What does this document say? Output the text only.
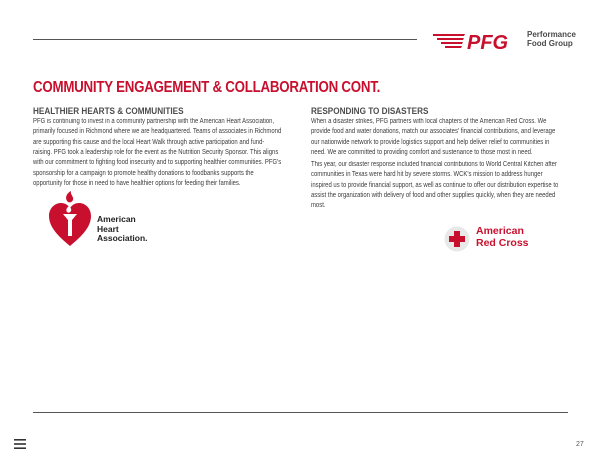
PFG Performance
Food Group
COMMUNITY ENGAGEMENT & COLLABORATION CONT.
HEALTHIER HEARTS & COMMUNITIES

PFG is continuing to invest in a community partnership with the American Heart Association, primarily focused in Richmond where we are headquartered. Teams of associates in Richmond are supporting this cause and the local Heart Walk through active participation and fund-raising. PFG took a leadership role for the event as the Nutrition Security Sponsor. This aligns with our commitment to fighting food insecurity and to supporting healthier communities. PFG's sponsorship for a campaign to promote healthy donations to foodbanks supports the opportunity for those in need to have healthier options for feeding their families.

RESPONDING TO DISASTERS

When a disaster strikes, PFG partners with local chapters of the American Red Cross. We provide food and water donations, match our associates' financial contributions, and leverage our nationwide network to provide logistics support and help deliver relief to communities in need. We are committed to providing comfort and sustenance to those most in need.

This year, our disaster response included financial contributions to World Central Kitchen after communities in Texas were hard hit by severe storms. WCK's mission to address hunger inspired us to provide financial support, as well as continue to offer our distribution expertise to assist the organization with delivery of food and other supplies quickly, when they are needed most.

American
Heart
Association.
American
Red Cross
27
